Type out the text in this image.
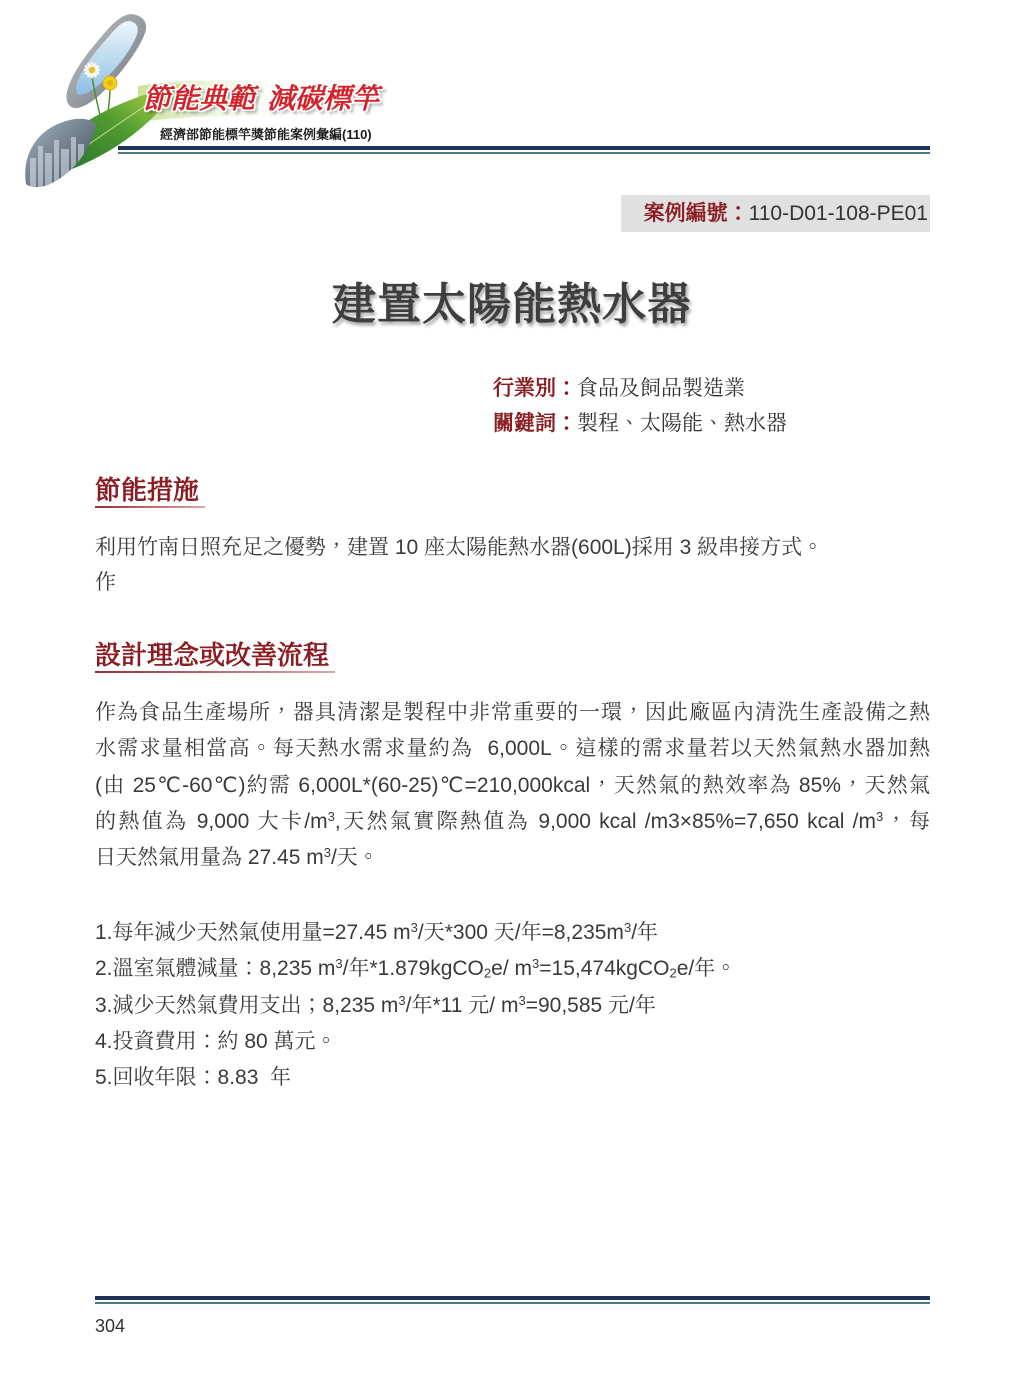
節能典範 減碳標竿
經濟部節能標竿獎節能案例彙編(110)
案例編號：110-D01-108-PE01
建置太陽能熱水器
行業別：食品及飼品製造業
關鍵詞：製程、太陽能、熱水器
節能措施
利用竹南日照充足之優勢，建置 10 座太陽能熱水器(600L)採用 3 級串接方式。
作
設計理念或改善流程
作為食品生產場所，器具清潔是製程中非常重要的一環，因此廠區內清洗生產設備之熱
水需求量相當高。每天熱水需求量約為  6,000L。這樣的需求量若以天然氣熱水器加熱
(由 25℃-60℃)約需 6,000L*(60-25)℃=210,000kcal，天然氣的熱效率為 85%，天然氣
的熱值為 9,000 大卡$/m^3$,天然氣實際熱值為 9,000 kcal /m3×85%=7,650 kcal $/m^3$，每
日天然氣用量為 27.45 $m^3/$天。
1.每年減少天然氣使用量=27.45 $m^3/$天*300 天/年$=8,235m^3/$年
2.溫室氣體減量：8,235 $m^3/$年*1.879kgCO$_2$e/ $m^3=15,474kgCO_2e/$年。
3.減少天然氣費用支出；8,235 $m^3/$年*11 元/ $m^3=90,585$ 元/年
4.投資費用：約 80 萬元。
5.回收年限：8.83  年
304
